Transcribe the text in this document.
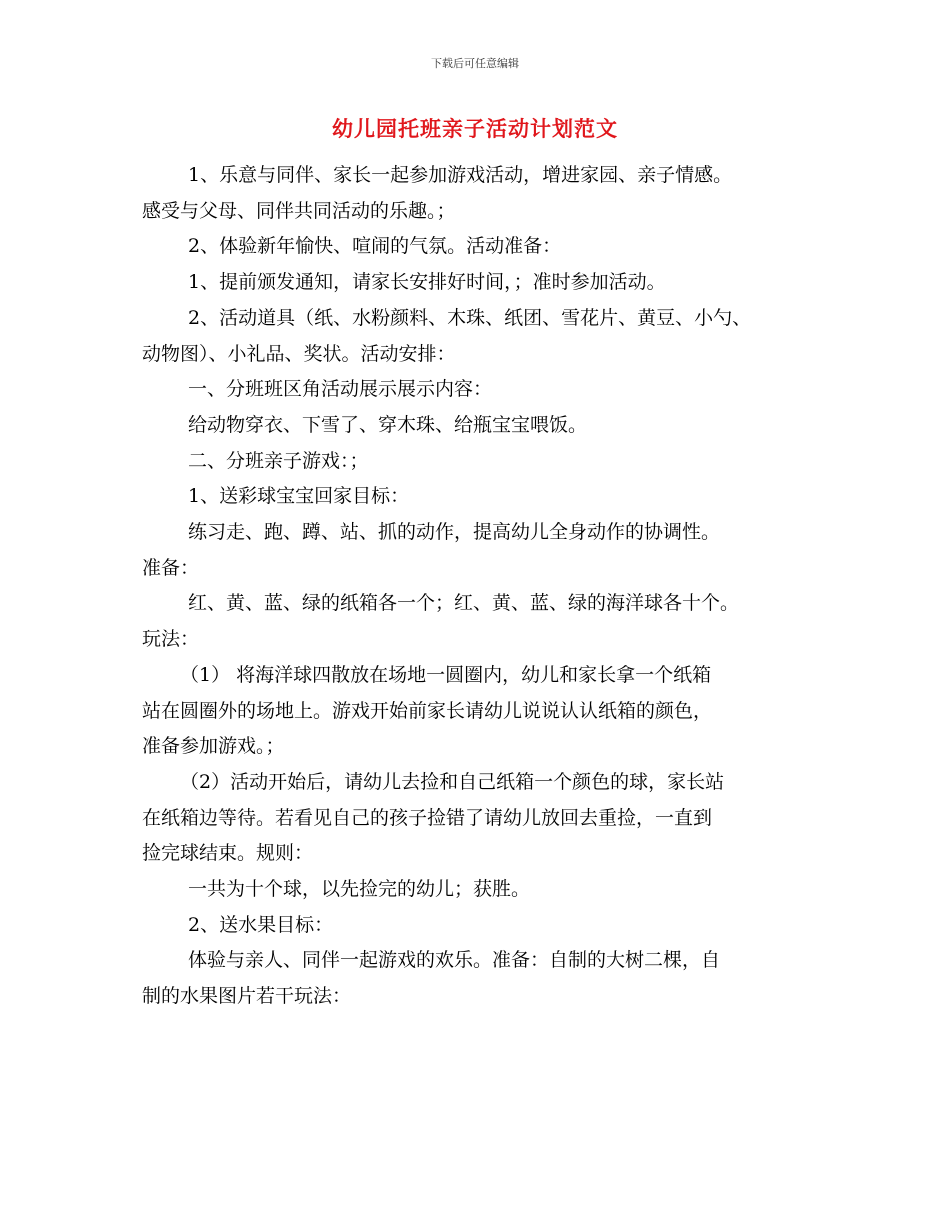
下载后可任意编辑
幼儿园托班亲子活动计划范文

1、乐意与同伴、家长一起参加游戏活动，增进家园、亲子情感。

感受与父母、同伴共同活动的乐趣。；

2、体验新年愉快、喧闹的气氛。活动准备：

1、提前颁发通知，请家长安排好时间，；准时参加活动。

2、活动道具（纸、水粉颜料、木珠、纸团、雪花片、黄豆、小勺、

动物图）、小礼品、奖状。活动安排：

一、分班班区角活动展示展示内容：

给动物穿衣、下雪了、穿木珠、给瓶宝宝喂饭。

二、分班亲子游戏：；

1、送彩球宝宝回家目标：

练习走、跑、蹲、站、抓的动作，提高幼儿全身动作的协调性。

准备：

红、黄、蓝、绿的纸箱各一个；红、黄、蓝、绿的海洋球各十个。

玩法：

（1） 将海洋球四散放在场地一圆圈内，幼儿和家长拿一个纸箱

站在圆圈外的场地上。游戏开始前家长请幼儿说说认认纸箱的颜色，

准备参加游戏。；

（2）活动开始后，请幼儿去捡和自己纸箱一个颜色的球，家长站

在纸箱边等待。若看见自己的孩子捡错了请幼儿放回去重捡，一直到

捡完球结束。规则：

一共为十个球，以先捡完的幼儿；获胜。

2、送水果目标：

体验与亲人、同伴一起游戏的欢乐。准备：自制的大树二棵，自

制的水果图片若干玩法：
